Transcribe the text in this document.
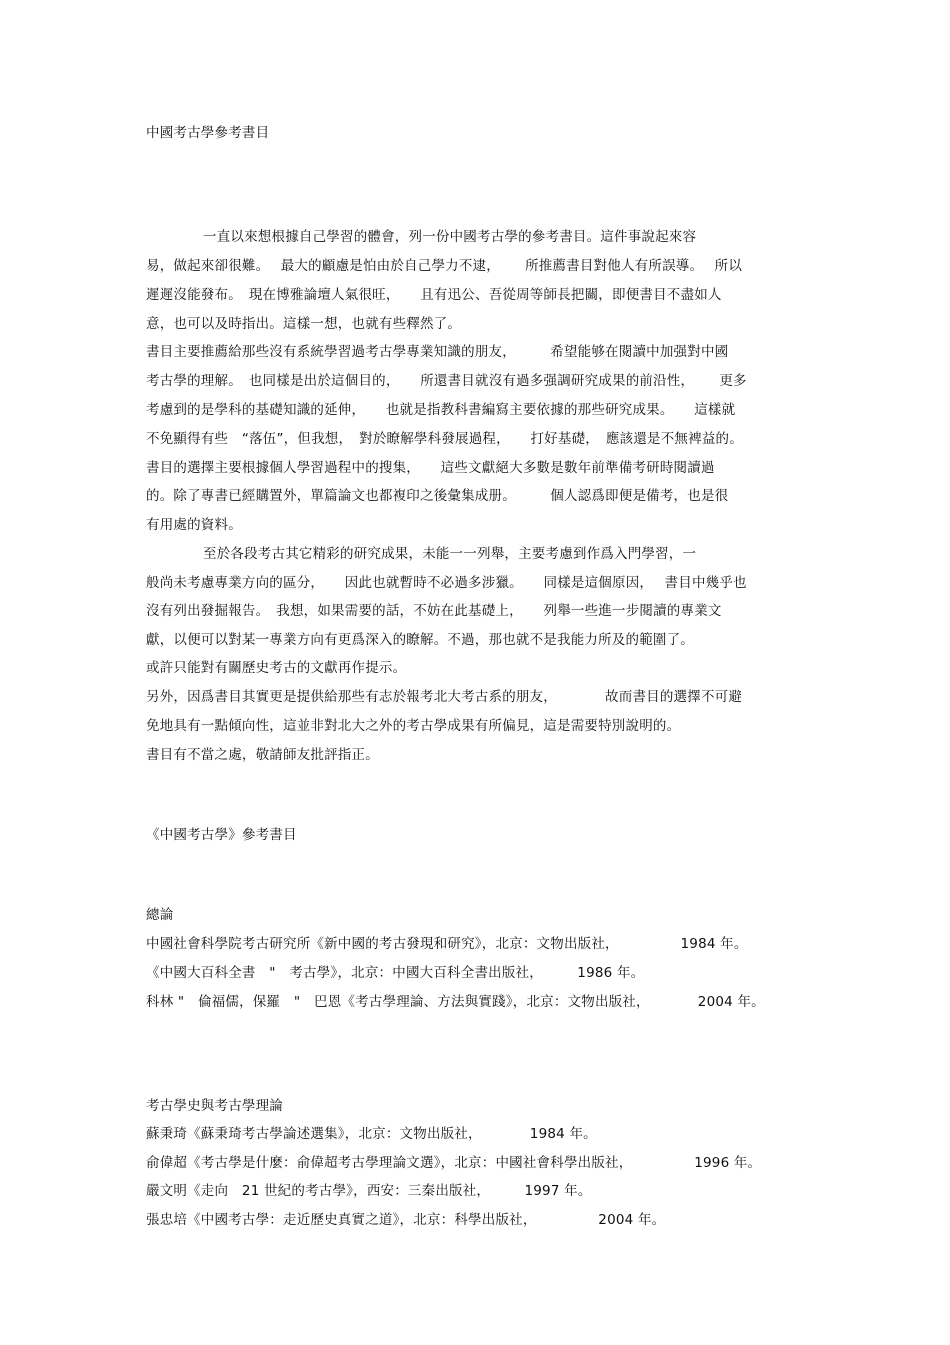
中國考古學參考書目
一直以來想根據自己學習的體會，列一份中國考古學的參考書目。這件事說起來容
易，做起來卻很難。　 最大的顧慮是怕由於自己學力不逮，　　 所推薦書目對他人有所誤導。　 所以
遲遲沒能發布。　現在博雅論壇人氣很旺，　　且有迅公、吾從周等師長把關，即便書目不盡如人
意，也可以及時指出。這樣一想，也就有些釋然了。
書目主要推薦給那些沒有系統學習過考古學專業知識的朋友，　　　希望能够在閱讀中加强對中國
考古學的理解。　也同樣是出於這個目的，　　所還書目就沒有過多强調研究成果的前沿性，　　 更多
考慮到的是學科的基礎知識的延伸，　　也就是指教科書編寫主要依據的那些研究成果。　　這樣就
不免顯得有些　“落伍”，但我想，　對於瞭解學科發展過程，　　打好基礎，　應該還是不無裨益的。
書目的選擇主要根據個人學習過程中的搜集，　　這些文獻絕大多數是數年前準備考研時閱讀過
的。除了專書已經購置外，單篇論文也都複印之後彙集成册。　　　個人認爲即便是備考，也是很
有用處的資料。
至於各段考古其它精彩的研究成果，未能一一列舉，主要考慮到作爲入門學習，一
般尚未考慮專業方向的區分，　　因此也就暫時不必過多涉獵。　　同樣是這個原因，　 書目中幾乎也
沒有列出發掘報告。　我想，如果需要的話，不妨在此基礎上，　　列舉一些進一步閱讀的專業文
獻，以便可以對某一專業方向有更爲深入的瞭解。不過，那也就不是我能力所及的範圍了。
或許只能對有關歷史考古的文獻再作提示。
另外，因爲書目其實更是提供給那些有志於報考北大考古系的朋友，　　　　故而書目的選擇不可避
免地具有一點傾向性，這並非對北大之外的考古學成果有所偏見，這是需要特別說明的。
書目有不當之處，敬請師友批評指正。
《中國考古學》參考書目
總論
中國社會科學院考古研究所《新中國的考古發現和研究》，北京：文物出版社，　　　　　1984 年。
《中國大百科全書　"　考古學》，北京：中國大百科全書出版社，　　　1986 年。
科林 "　倫福儒，保羅　"　巴恩《考古學理論、方法與實踐》，北京：文物出版社，　　　　2004 年。
考古學史與考古學理論
蘇秉琦《蘇秉琦考古學論述選集》，北京：文物出版社，　　　　1984 年。
俞偉超《考古學是什麼：俞偉超考古學理論文選》，北京：中國社會科學出版社，　　　　　1996 年。
嚴文明《走向　21 世紀的考古學》，西安：三秦出版社，　　　1997 年。
張忠培《中國考古學：走近歷史真實之道》，北京：科學出版社，　　　　　2004 年。
